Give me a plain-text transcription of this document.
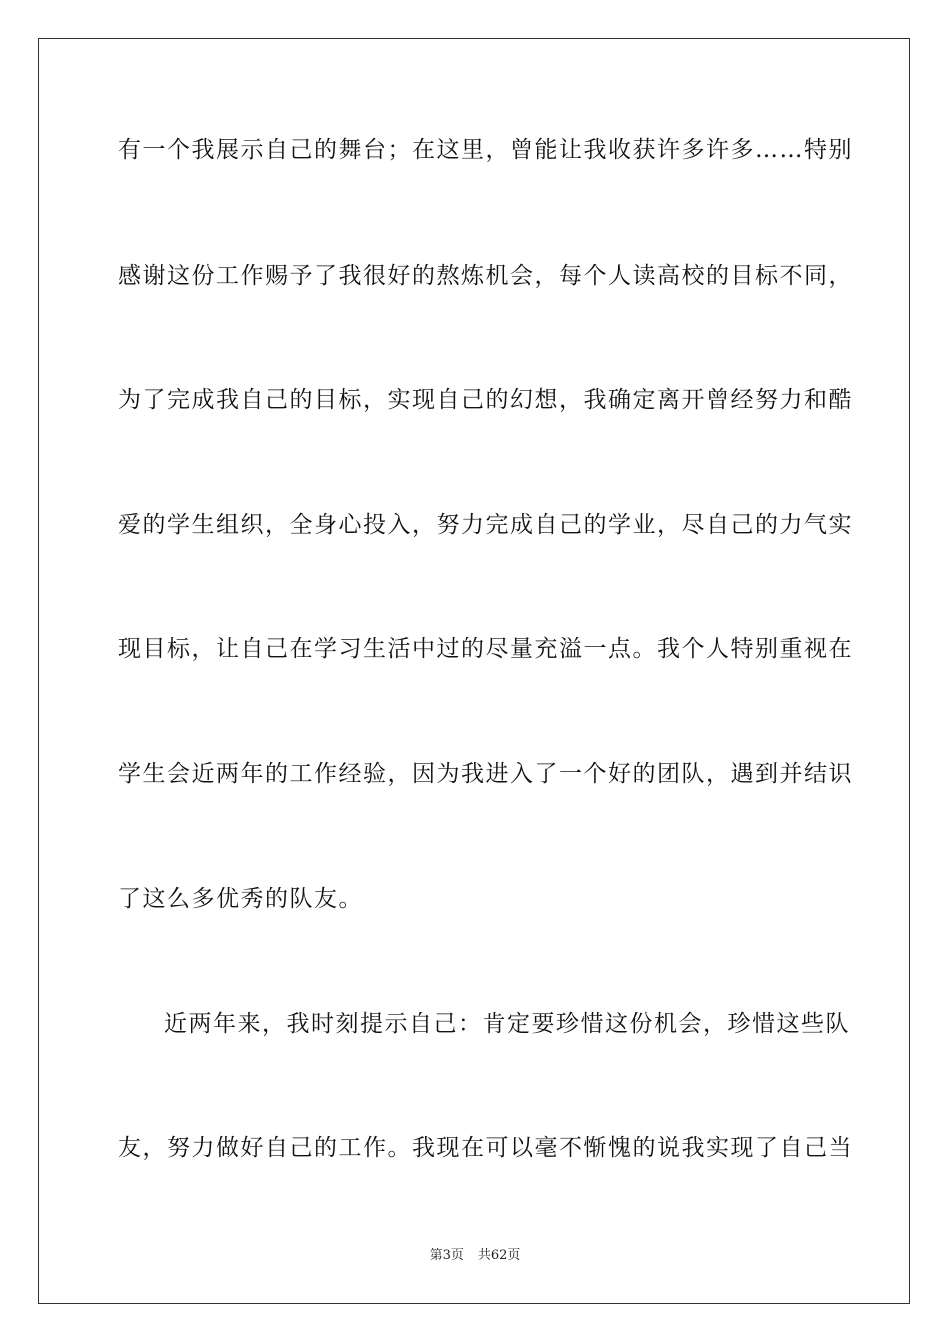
有一个我展示自己的舞台；在这里，曾能让我收获许多许多……特别
感谢这份工作赐予了我很好的熬炼机会，每个人读高校的目标不同，
为了完成我自己的目标，实现自己的幻想，我确定离开曾经努力和酷
爱的学生组织，全身心投入，努力完成自己的学业，尽自己的力气实
现目标，让自己在学习生活中过的尽量充溢一点。我个人特别重视在
学生会近两年的工作经验，因为我进入了一个好的团队，遇到并结识
了这么多优秀的队友。
近两年来，我时刻提示自己：肯定要珍惜这份机会，珍惜这些队
友，努力做好自己的工作。我现在可以毫不惭愧的说我实现了自己当
第3页 共62页
